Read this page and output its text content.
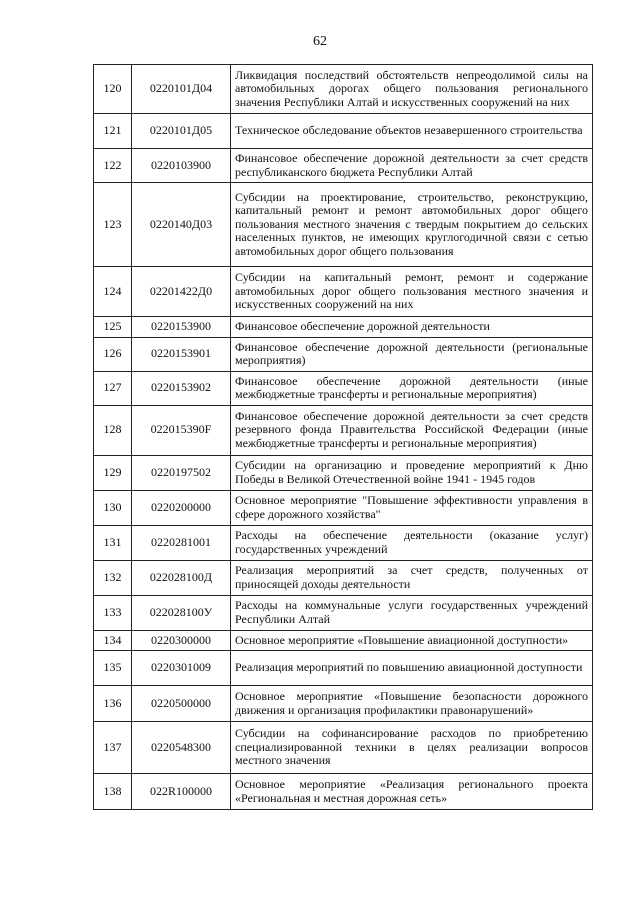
62
120	0220101Д04	Ликвидация последствий обстоятельств непреодолимой силы на автомобильных дорогах общего пользования регионального значения Республики Алтай и искусственных сооружений на них
121	0220101Д05	Техническое обследование объектов незавершенного строительства
122	0220103900	Финансовое обеспечение дорожной деятельности за счет средств республиканского бюджета Республики Алтай
123	0220140Д03	Субсидии на проектирование, строительство, реконструкцию, капитальный ремонт и ремонт автомобильных дорог общего пользования местного значения с твердым покрытием до сельских населенных пунктов, не имеющих круглогодичной связи с сетью автомобильных дорог общего пользования
124	02201422Д0	Субсидии на капитальный ремонт, ремонт и содержание автомобильных дорог общего пользования местного значения и искусственных сооружений на них
125	0220153900	Финансовое обеспечение дорожной деятельности
126	0220153901	Финансовое обеспечение дорожной деятельности (региональные мероприятия)
127	0220153902	Финансовое обеспечение дорожной деятельности (иные межбюджетные трансферты и региональные мероприятия)
128	022015390F	Финансовое обеспечение дорожной деятельности за счет средств резервного фонда Правительства Российской Федерации (иные межбюджетные трансферты и региональные мероприятия)
129	0220197502	Субсидии на организацию и проведение мероприятий к Дню Победы в Великой Отечественной войне 1941 - 1945 годов
130	0220200000	Основное мероприятие "Повышение эффективности управления в сфере дорожного хозяйства"
131	0220281001	Расходы на обеспечение деятельности (оказание услуг) государственных учреждений
132	022028100Д	Реализация мероприятий за счет средств, полученных от приносящей доходы деятельности
133	022028100У	Расходы на коммунальные услуги государственных учреждений Республики Алтай
134	0220300000	Основное мероприятие «Повышение авиационной доступности»
135	0220301009	Реализация мероприятий по повышению авиационной доступности
136	0220500000	Основное мероприятие «Повышение безопасности дорожного движения и организация профилактики правонарушений»
137	0220548300	Субсидии на софинансирование расходов по приобретению специализированной техники в целях реализации вопросов местного значения
138	022R100000	Основное мероприятие «Реализация регионального проекта «Региональная и местная дорожная сеть»
